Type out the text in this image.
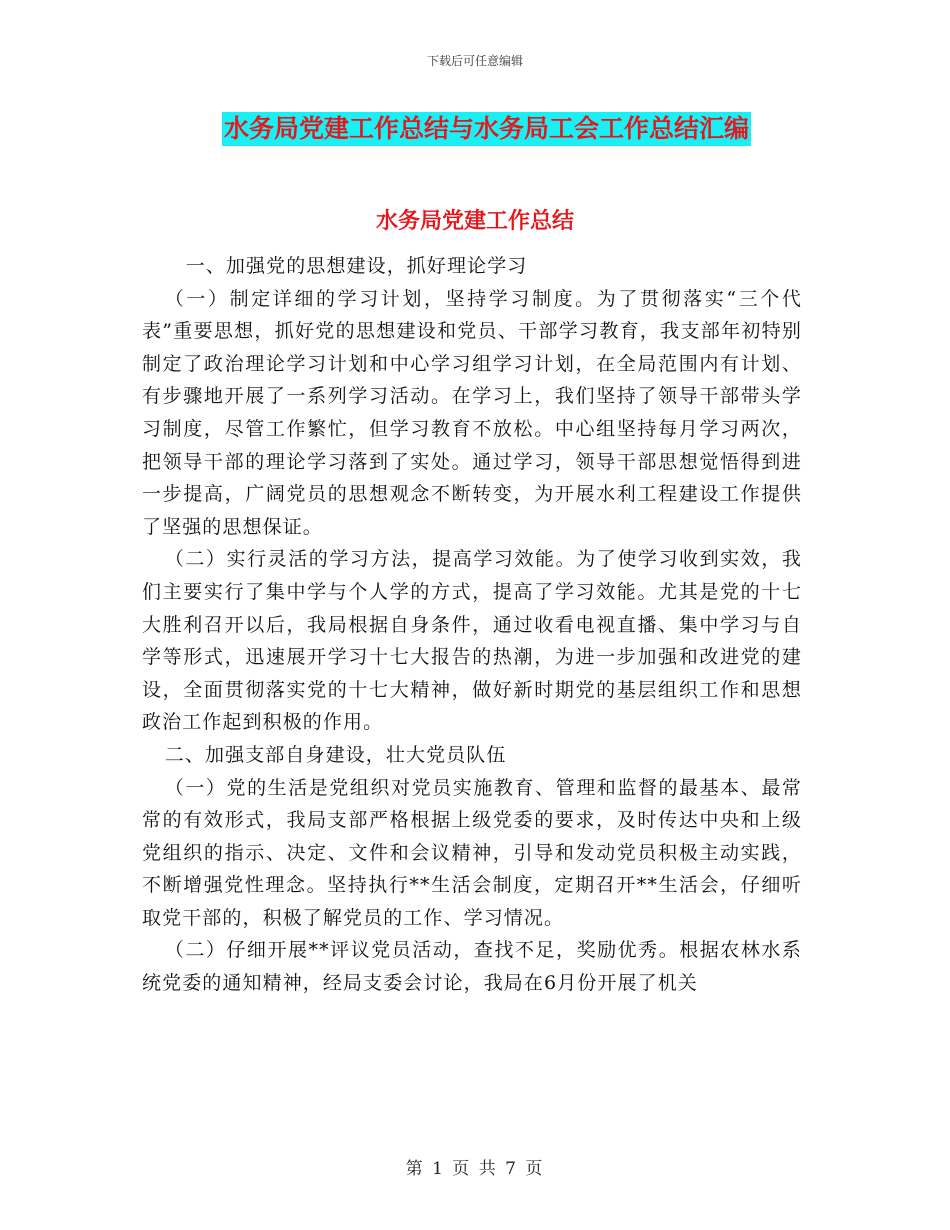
下载后可任意编辑
水务局党建工作总结与水务局工会工作总结汇编
水务局党建工作总结

一、加强党的思想建设，抓好理论学习

（一）制定详细的学习计划，坚持学习制度。为了贯彻落实“三个代表”重要思想，抓好党的思想建设和党员、干部学习教育，我支部年初特别制定了政治理论学习计划和中心学习组学习计划，在全局范围内有计划、有步骤地开展了一系列学习活动。在学习上，我们坚持了领导干部带头学习制度，尽管工作繁忙，但学习教育不放松。中心组坚持每月学习两次，把领导干部的理论学习落到了实处。通过学习，领导干部思想觉悟得到进一步提高，广阔党员的思想观念不断转变，为开展水利工程建设工作提供了坚强的思想保证。

（二）实行灵活的学习方法，提高学习效能。为了使学习收到实效，我们主要实行了集中学与个人学的方式，提高了学习效能。尤其是党的十七大胜利召开以后，我局根据自身条件，通过收看电视直播、集中学习与自学等形式，迅速展开学习十七大报告的热潮，为进一步加强和改进党的建设，全面贯彻落实党的十七大精神，做好新时期党的基层组织工作和思想政治工作起到积极的作用。

二、加强支部自身建设，壮大党员队伍

（一）党的生活是党组织对党员实施教育、管理和监督的最基本、最常常的有效形式，我局支部严格根据上级党委的要求，及时传达中央和上级党组织的指示、决定、文件和会议精神，引导和发动党员积极主动实践，不断增强党性理念。坚持执行**生活会制度，定期召开**生活会，仔细听取党干部的，积极了解党员的工作、学习情况。

（二）仔细开展**评议党员活动，查找不足，奖励优秀。根据农林水系统党委的通知精神，经局支委会讨论，我局在6月份开展了机关

第 1 页 共 7 页
